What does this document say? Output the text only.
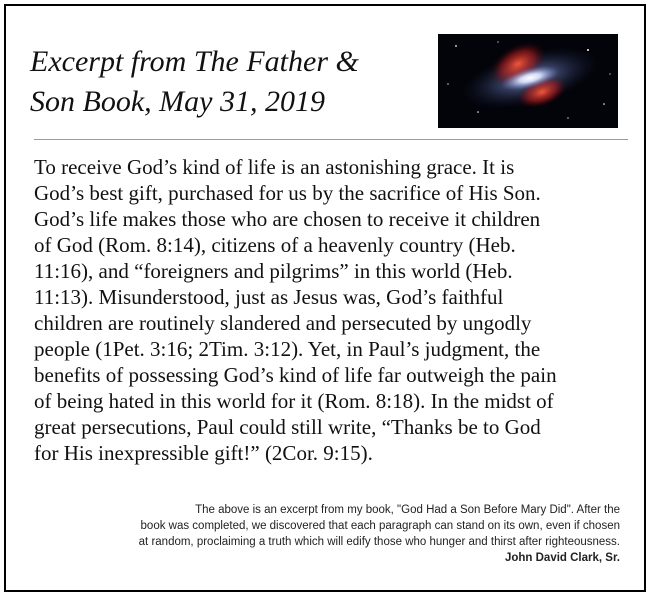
Excerpt from The Father &
Son Book, May 31, 2019
To receive God’s kind of life is an astonishing grace. It is
God’s best gift, purchased for us by the sacrifice of His Son.
God’s life makes those who are chosen to receive it children
of God (Rom. 8:14), citizens of a heavenly country (Heb.
11:16), and “foreigners and pilgrims” in this world (Heb.
11:13). Misunderstood, just as Jesus was, God’s faithful
children are routinely slandered and persecuted by ungodly
people (1Pet. 3:16; 2Tim. 3:12). Yet, in Paul’s judgment, the
benefits of possessing God’s kind of life far outweigh the pain
of being hated in this world for it (Rom. 8:18). In the midst of
great persecutions, Paul could still write, “Thanks be to God
for His inexpressible gift!” (2Cor. 9:15).
The above is an excerpt from my book, "God Had a Son Before Mary Did". After the
book was completed, we discovered that each paragraph can stand on its own, even if chosen
at random, proclaiming a truth which will edify those who hunger and thirst after righteousness.
John David Clark, Sr.
